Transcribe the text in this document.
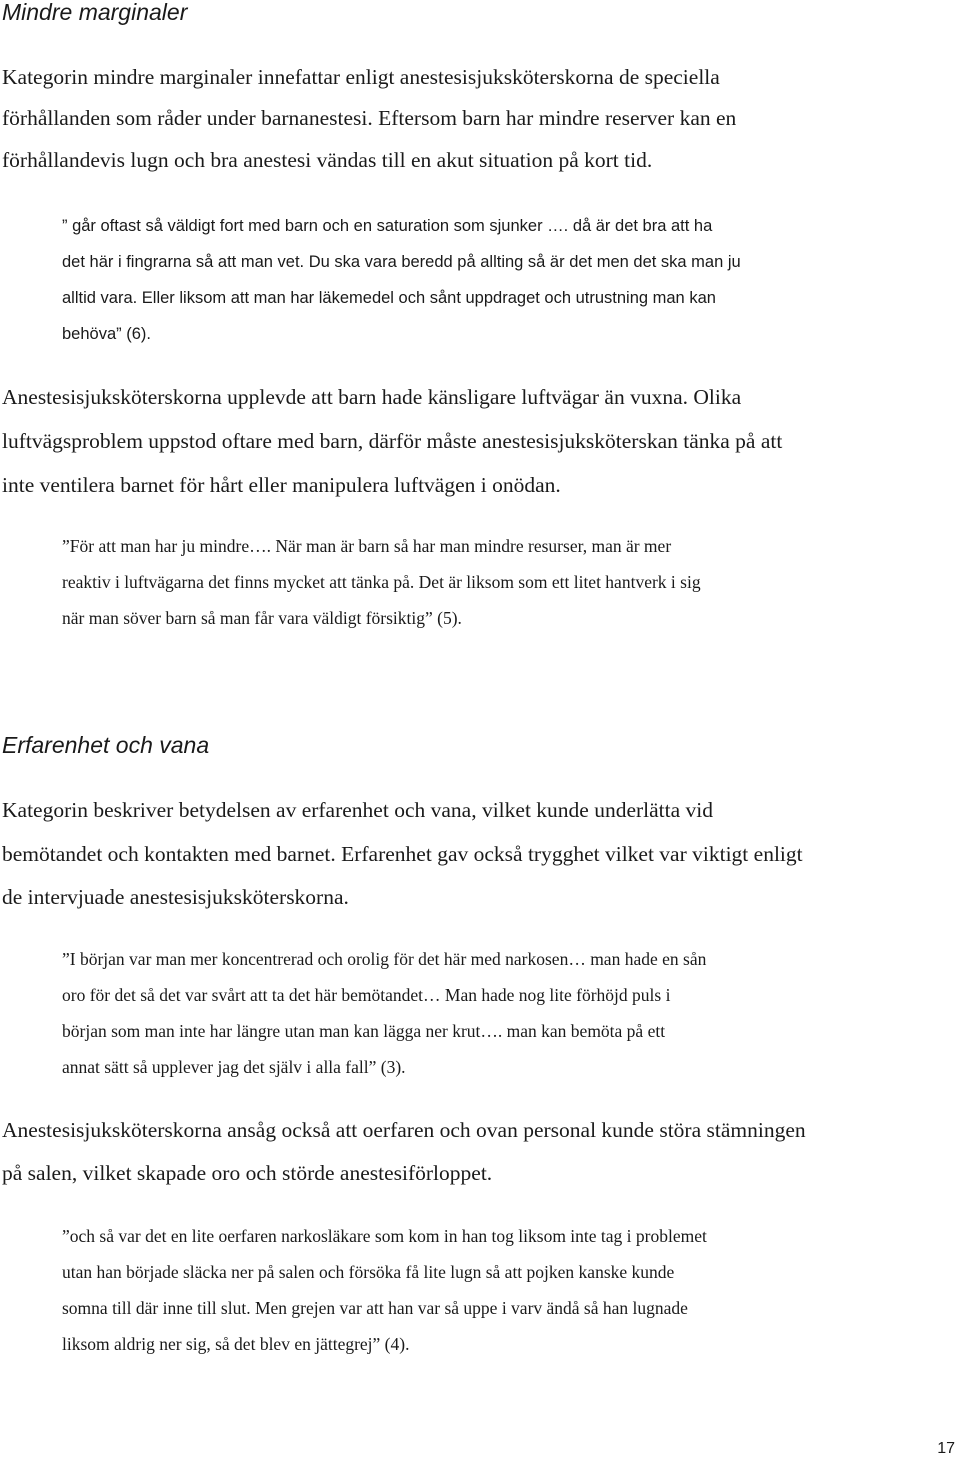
Mindre marginaler

Kategorin mindre marginaler innefattar enligt anestesisjuksköterskorna de speciella

förhållanden som råder under barnanestesi. Eftersom barn har mindre reserver kan en

förhållandevis lugn och bra anestesi vändas till en akut situation på kort tid.

” går oftast så väldigt fort med barn och en saturation som sjunker …. då är det bra att ha

det här i fingrarna så att man vet. Du ska vara beredd på allting så är det men det ska man ju

alltid vara. Eller liksom att man har läkemedel och sånt uppdraget och utrustning man kan

behöva” (6).

Anestesisjuksköterskorna upplevde att barn hade känsligare luftvägar än vuxna. Olika

luftvägsproblem uppstod oftare med barn, därför måste anestesisjuksköterskan tänka på att

inte ventilera barnet för hårt eller manipulera luftvägen i onödan.

”För att man har ju mindre…. När man är barn så har man mindre resurser, man är mer

reaktiv i luftvägarna det finns mycket att tänka på. Det är liksom som ett litet hantverk i sig

när man söver barn så man får vara väldigt försiktig” (5).

Erfarenhet och vana

Kategorin beskriver betydelsen av erfarenhet och vana, vilket kunde underlätta vid

bemötandet och kontakten med barnet. Erfarenhet gav också trygghet vilket var viktigt enligt

de intervjuade anestesisjuksköterskorna.

”I början var man mer koncentrerad och orolig för det här med narkosen… man hade en sån

oro för det så det var svårt att ta det här bemötandet… Man hade nog lite förhöjd puls i

början som man inte har längre utan man kan lägga ner krut…. man kan bemöta på ett

annat sätt så upplever jag det själv i alla fall” (3).

Anestesisjuksköterskorna ansåg också att oerfaren och ovan personal kunde störa stämningen

på salen, vilket skapade oro och störde anestesiförloppet.

”och så var det en lite oerfaren narkosläkare som kom in han tog liksom inte tag i problemet

utan han började släcka ner på salen och försöka få lite lugn så att pojken kanske kunde

somna till där inne till slut. Men grejen var att han var så uppe i varv ändå så han lugnade

liksom aldrig ner sig, så det blev en jättegrej” (4).

17
